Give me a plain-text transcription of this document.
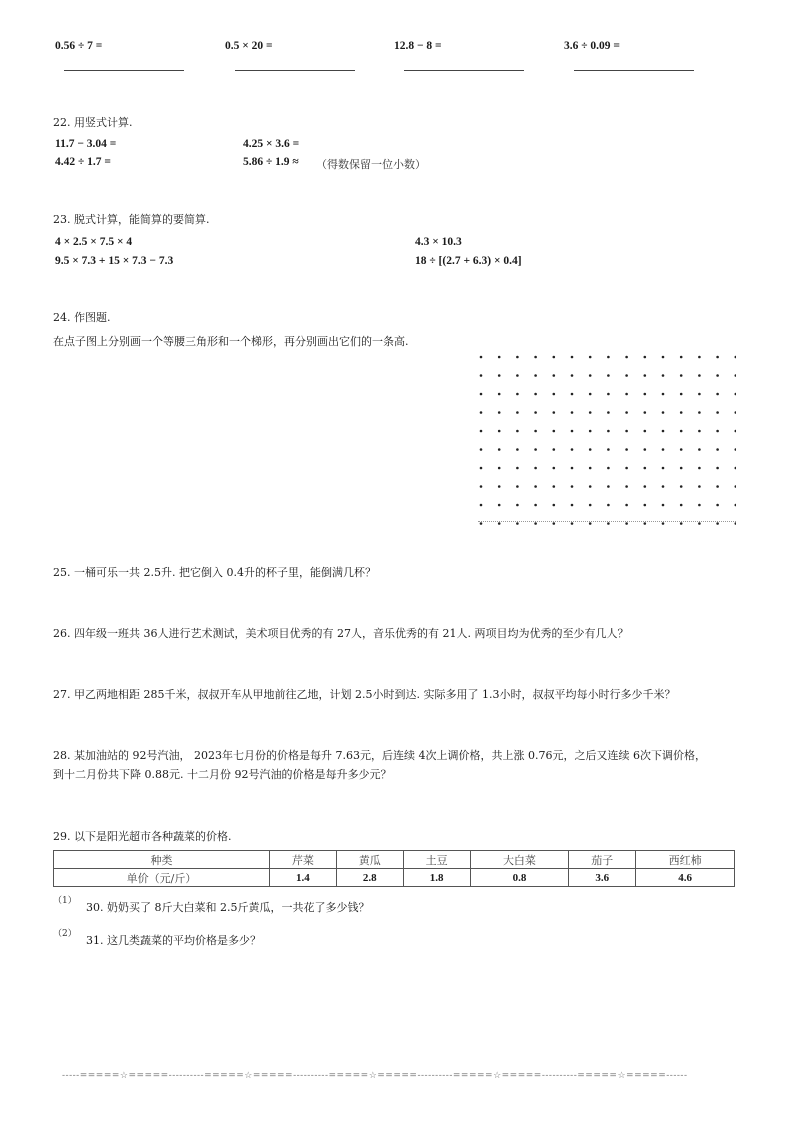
0.56 ÷ 7 =	0.5 × 20 =	12.8 − 8 =	3.6 ÷ 0.09 =
22. 用竖式计算.
11.7 − 3.04 =	4.25 × 3.6 =
4.42 ÷ 1.7 =	5.86 ÷ 1.9 ≈ （得数保留一位小数）
23. 脱式计算，能简算的要简算.
4 × 2.5 × 7.5 × 4	4.3 × 10.3
9.5 × 7.3 + 15 × 7.3 − 7.3	18 ÷ [(2.7 + 6.3) × 0.4]
24. 作图题.
在点子图上分别画一个等腰三角形和一个梯形，再分别画出它们的一条高.
25. 一桶可乐一共 2.5升. 把它倒入 0.4升的杯子里，能倒满几杯？
26. 四年级一班共 36人进行艺术测试，美术项目优秀的有 27人，音乐优秀的有 21人. 两项目均为优秀的至少有几人？
27. 甲乙两地相距 285千米，叔叔开车从甲地前往乙地，计划 2.5小时到达. 实际多用了 1.3小时，叔叔平均每小时行多少千米？
28. 某加油站的 92号汽油， 2023年七月份的价格是每升 7.63元，后连续 4次上调价格，共上涨 0.76元，之后又连续 6次下调价格，
到十二月份共下降 0.88元. 十二月份 92号汽油的价格是每升多少元？
29. 以下是阳光超市各种蔬菜的价格.
种类	芹菜	黄瓜	土豆	大白菜	茄子	西红柿
单价（元/斤）	1.4	2.8	1.8	0.8	3.6	4.6
（1） 30. 奶奶买了 8斤大白菜和 2.5斤黄瓜，一共花了多少钱？
（2） 31. 这几类蔬菜的平均价格是多少？
-----=====☆=====----------=====☆=====----------=====☆=====----------=====☆=====----------=====☆=====------
